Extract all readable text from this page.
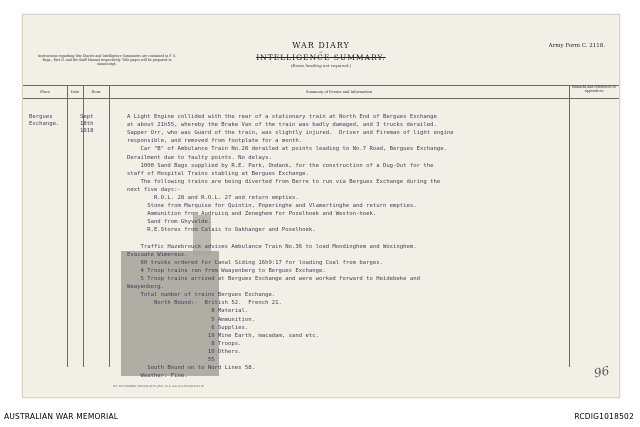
WAR DIARY
or
INTELLIGENCE SUMMARY.
(Erase heading not required.)
Army Form C. 2118.
Instructions regarding War Diaries and Intelligence Summaries are contained in F. S. Regs., Part II. and the Staff Manual respectively. Title pages will be prepared in manuscript.
Place	Date	Hour	Summary of Events and Information
Remarks and references to Appendices
Bergues
Exchange.
Sept
18th
1918
A Light Engine collided with the rear of a stationary train at North End of Bergues Exchange
at about 21h55, whereby the Brake Van of the train was badly damaged, and 3 trucks derailed.
Sapper Orr, who was Guard of the train, was slightly injured.  Driver and Fireman of light engine
responsible, and removed from footplate for a month.
Car "B" of Ambulance Train No.28 derailed at points leading to No.7 Road, Bergues Exchange.
Derailment due to faulty points. No delays.
1000 Sand Bags supplied by R.E. Park, Ondank, for the construction of a Dug-Out for the
staff of Hospital Trains stabling at Bergues Exchange.
The following trains are being diverted from Berre to run via Bergues Exchange during the
next five days:-
R.O.L. 28 and R.O.L. 27 and return empties.
Stone from Marquise for Quintin, Poperinghe and Vlamertinghe and return empties.
Ammunition from Audruicq and Zeneghem for Poselhoek and Weston-hoek.
Sand from Ghyvelde.
R.E.Stores from Calais to Oakhanger and Poselhoek.
Traffic Hazebrouck advises Ambulance Train No.36 to load Mondinghem and Wosinghem.
Evacuate Wimereux.
60 trucks ordered for Canal Siding 16h9:17 for loading Coal from barges.
4 Troop trains ran from Waayenberg to Bergues Exchange.
5 Troop trains arrived at Bergues Exchange and were worked forward to Heidebeke and
Waayenberg.
Total number of trains Bergues Exchange.
North Bound:-  British 52.  French 21.
8 Material.
5 Ammunition.
6 Supplies.
19 Mine Earth, macadam, sand etc.
8 Troops.
10 Others.
55
South Bound on to Nord Lines 58.
Weather: Fine.
Wt. W1700/M95 500,000 4/15 J.B.C. & A. A.D.S.S./Forms/C2118
96
AUSTRALIAN WAR MEMORIAL	RCDIG1018502
